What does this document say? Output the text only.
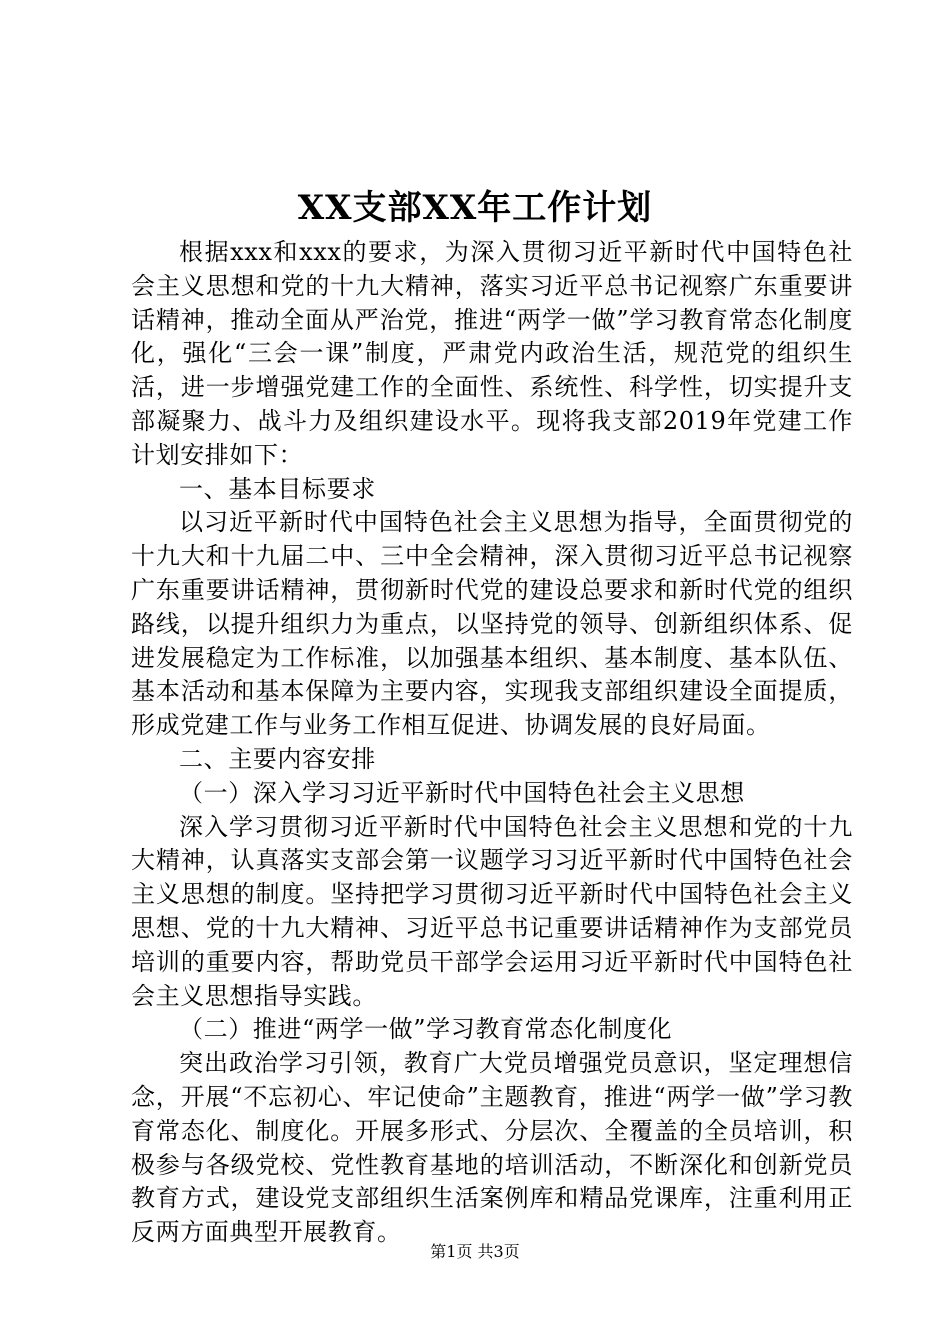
XX支部XX年工作计划

根据xxx和xxx的要求，为深入贯彻习近平新时代中国特色社会主义思想和党的十九大精神，落实习近平总书记视察广东重要讲话精神，推动全面从严治党，推进“两学一做”学习教育常态化制度化，强化“三会一课”制度，严肃党内政治生活，规范党的组织生活，进一步增强党建工作的全面性、系统性、科学性，切实提升支部凝聚力、战斗力及组织建设水平。现将我支部2019年党建工作计划安排如下：

一、基本目标要求

以习近平新时代中国特色社会主义思想为指导，全面贯彻党的十九大和十九届二中、三中全会精神，深入贯彻习近平总书记视察广东重要讲话精神，贯彻新时代党的建设总要求和新时代党的组织路线，以提升组织力为重点，以坚持党的领导、创新组织体系、促进发展稳定为工作标准，以加强基本组织、基本制度、基本队伍、基本活动和基本保障为主要内容，实现我支部组织建设全面提质，形成党建工作与业务工作相互促进、协调发展的良好局面。

二、主要内容安排

（一）深入学习习近平新时代中国特色社会主义思想

深入学习贯彻习近平新时代中国特色社会主义思想和党的十九大精神，认真落实支部会第一议题学习习近平新时代中国特色社会主义思想的制度。坚持把学习贯彻习近平新时代中国特色社会主义思想、党的十九大精神、习近平总书记重要讲话精神作为支部党员培训的重要内容，帮助党员干部学会运用习近平新时代中国特色社会主义思想指导实践。

（二）推进“两学一做”学习教育常态化制度化

突出政治学习引领，教育广大党员增强党员意识，坚定理想信念，开展“不忘初心、牢记使命”主题教育，推进“两学一做”学习教育常态化、制度化。开展多形式、分层次、全覆盖的全员培训，积极参与各级党校、党性教育基地的培训活动，不断深化和创新党员教育方式，建设党支部组织生活案例库和精品党课库，注重利用正反两方面典型开展教育。

第1页 共3页
